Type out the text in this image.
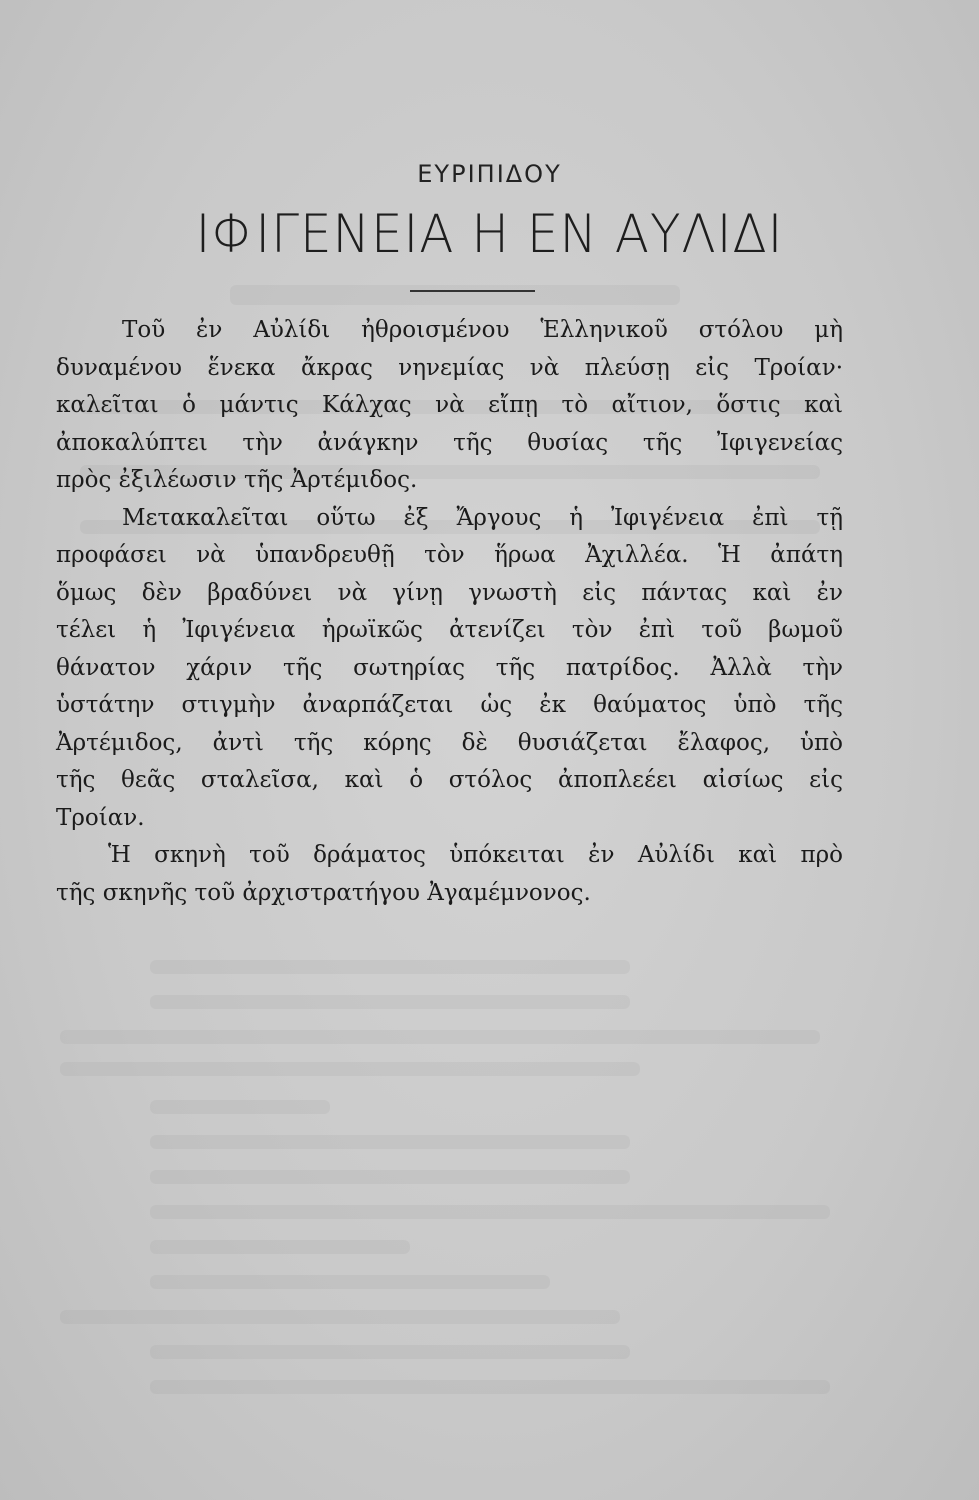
ΕΥΡΙΠΙΔΟΥ
ΙΦΙΓΕΝΕΙΑ Η ΕΝ ΑΥΛΙΔΙ
Τοῦ ἐν Αὐλίδι ἠθροισμένου Ἑλληνικοῦ στόλου μὴ
δυναμένου ἕνεκα ἄκρας νηνεμίας νὰ πλεύσῃ εἰς Τροίαν·
καλεῖται ὁ μάντις Κάλχας νὰ εἴπῃ τὸ αἴτιον, ὅστις καὶ
ἀποκαλύπτει τὴν ἀνάγκην τῆς θυσίας τῆς Ἰφιγενείας
πρὸς ἐξιλέωσιν τῆς Ἀρτέμιδος.
Μετακαλεῖται οὕτω ἐξ Ἄργους ἡ Ἰφιγένεια ἐπὶ τῇ
προφάσει νὰ ὑπανδρευθῇ τὸν ἥρωα Ἀχιλλέα. Ἡ ἀπάτη
ὅμως δὲν βραδύνει νὰ γίνῃ γνωστὴ εἰς πάντας καὶ ἐν
τέλει ἡ Ἰφιγένεια ἡρωϊκῶς ἀτενίζει τὸν ἐπὶ τοῦ βωμοῦ
θάνατον χάριν τῆς σωτηρίας τῆς πατρίδος. Ἀλλὰ τὴν
ὑστάτην στιγμὴν ἀναρπάζεται ὡς ἐκ θαύματος ὑπὸ τῆς
Ἀρτέμιδος, ἀντὶ τῆς κόρης δὲ θυσιάζεται ἔλαφος, ὑπὸ
τῆς θεᾶς σταλεῖσα, καὶ ὁ στόλος ἀποπλεέει αἰσίως εἰς
Τροίαν.
Ἡ σκηνὴ τοῦ δράματος ὑπόκειται ἐν Αὐλίδι καὶ πρὸ
τῆς σκηνῆς τοῦ ἀρχιστρατήγου Ἀγαμέμνονος.
